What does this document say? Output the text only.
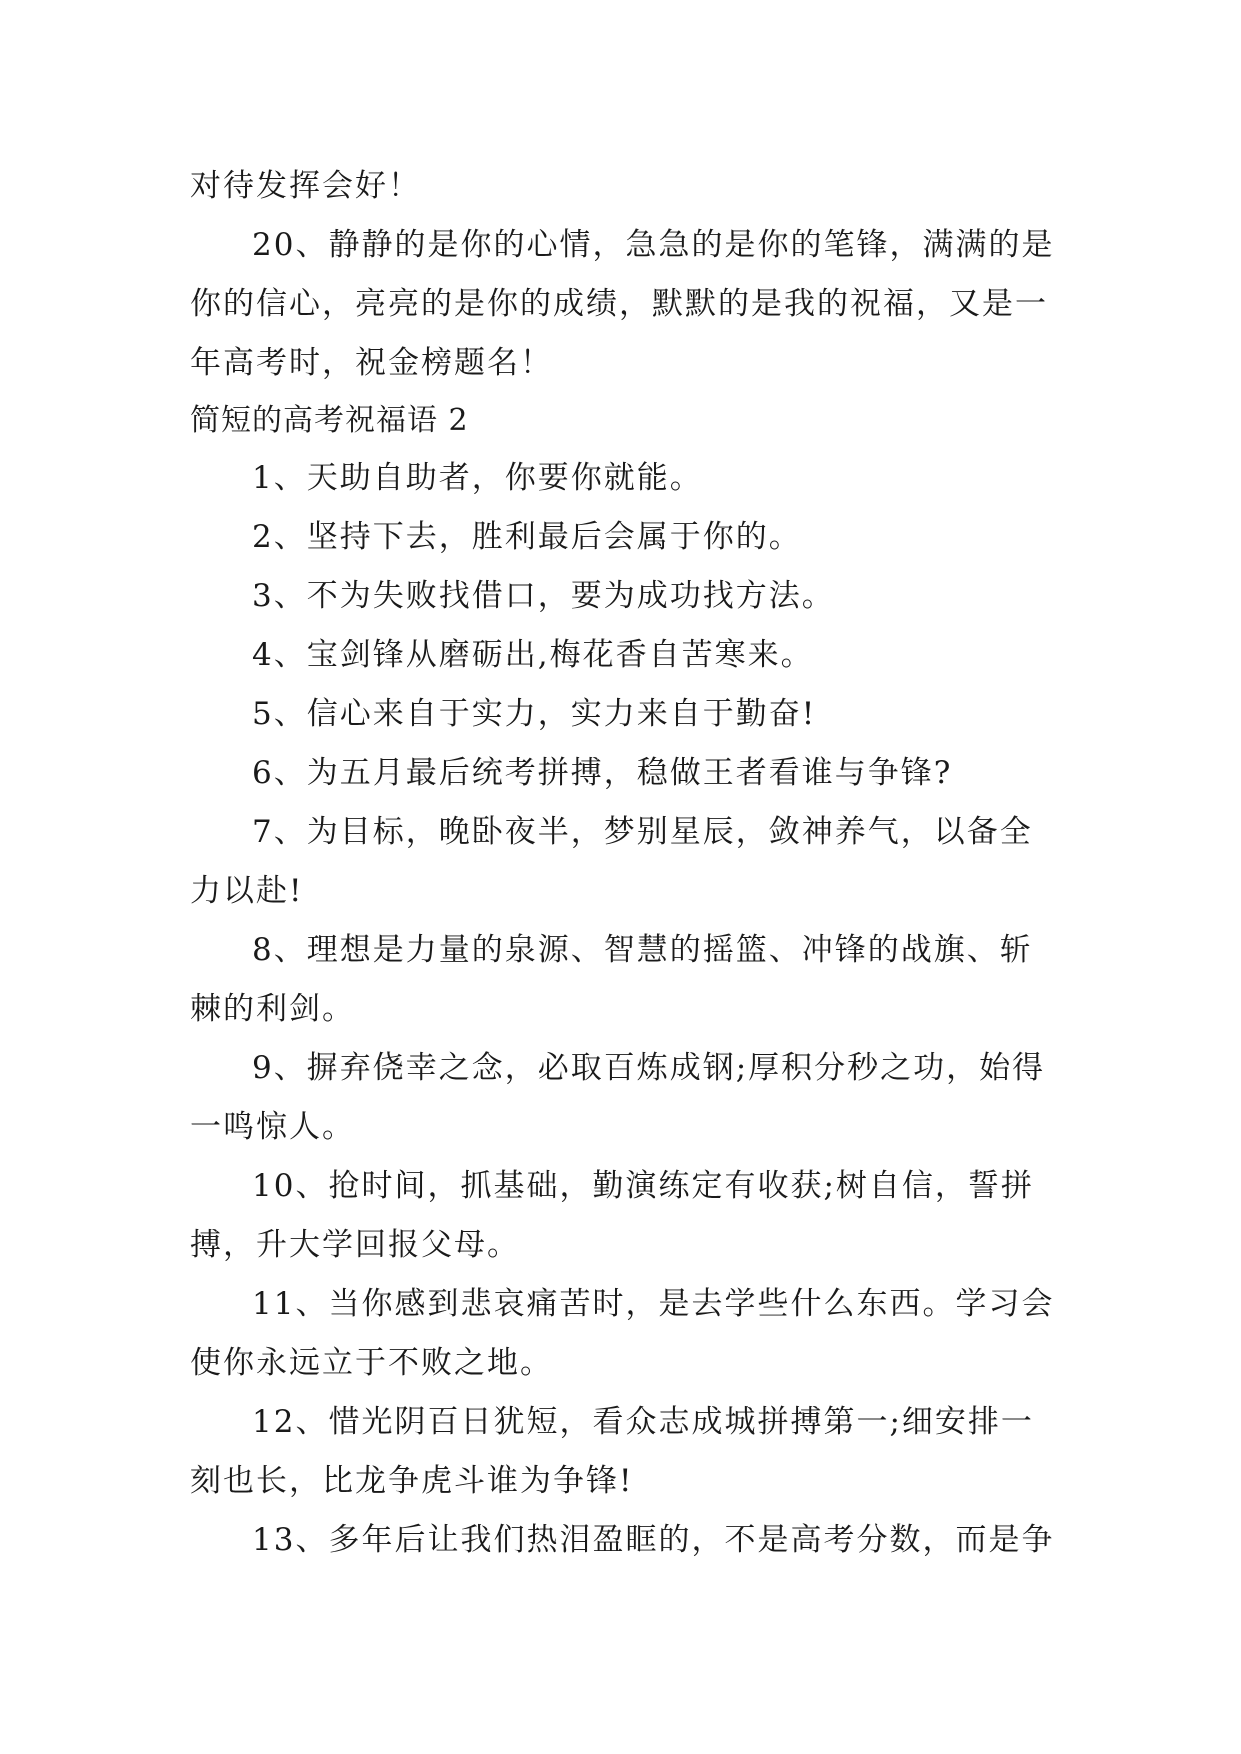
对待发挥会好！
20、静静的是你的心情，急急的是你的笔锋，满满的是
你的信心，亮亮的是你的成绩，默默的是我的祝福，又是一
年高考时，祝金榜题名！
简短的高考祝福语 2
1、天助自助者，你要你就能。
2、坚持下去，胜利最后会属于你的。
3、不为失败找借口，要为成功找方法。
4、宝剑锋从磨砺出,梅花香自苦寒来。
5、信心来自于实力，实力来自于勤奋!
6、为五月最后统考拼搏，稳做王者看谁与争锋?
7、为目标，晚卧夜半，梦别星辰，敛神养气，以备全
力以赴!
8、理想是力量的泉源、智慧的摇篮、冲锋的战旗、斩
棘的利剑。
9、摒弃侥幸之念，必取百炼成钢;厚积分秒之功，始得
一鸣惊人。
10、抢时间，抓基础，勤演练定有收获;树自信，誓拼
搏，升大学回报父母。
11、当你感到悲哀痛苦时，是去学些什么东西。学习会
使你永远立于不败之地。
12、惜光阴百日犹短，看众志成城拼搏第一;细安排一
刻也长，比龙争虎斗谁为争锋!
13、多年后让我们热泪盈眶的，不是高考分数，而是争
